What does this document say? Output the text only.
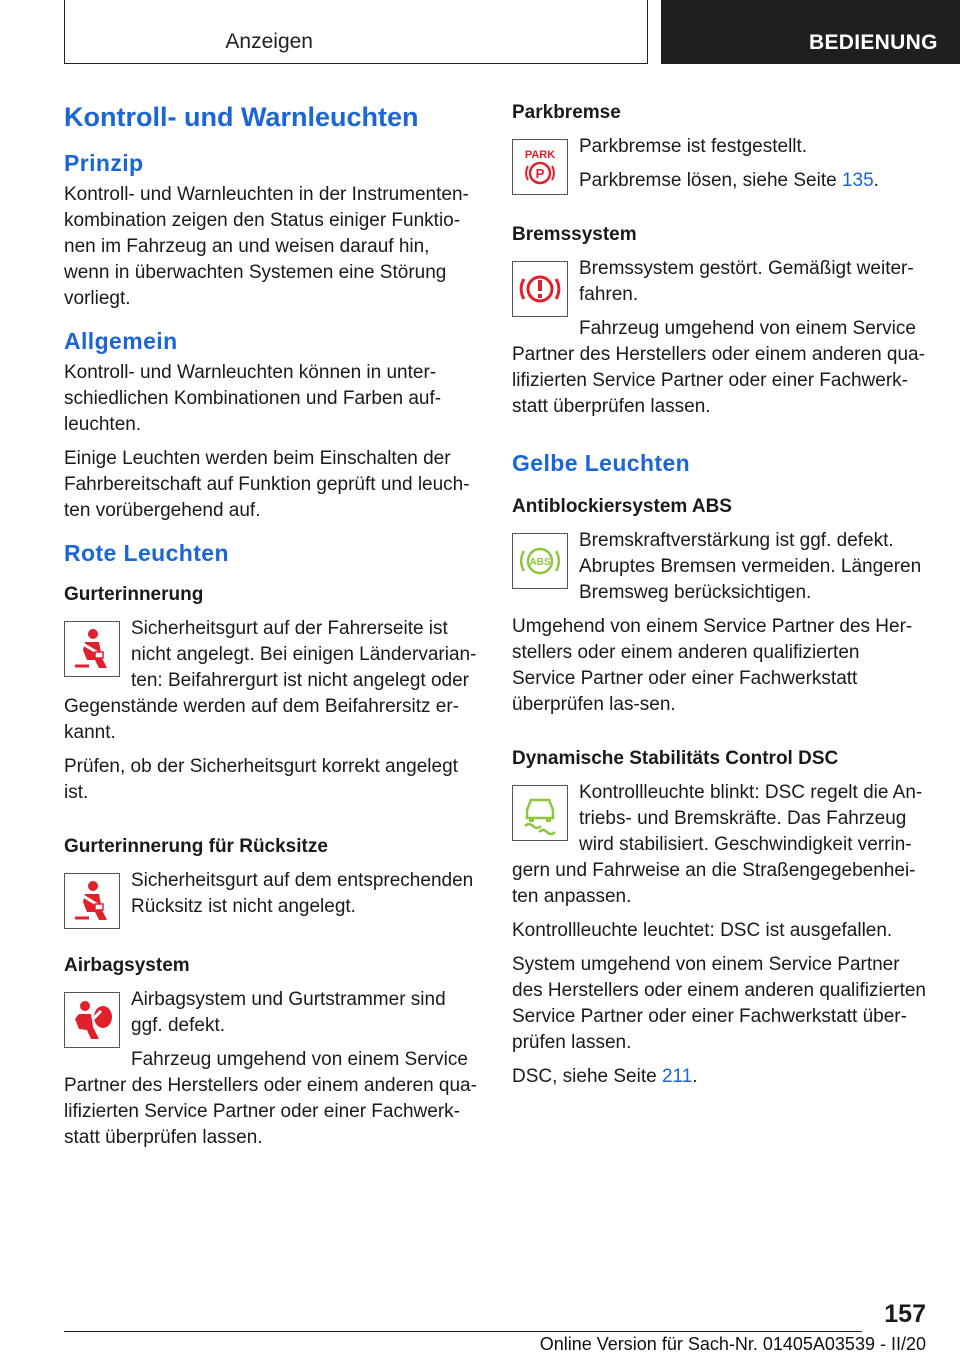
Anzeigen	BEDIENUNG
Kontroll- und Warnleuchten
Prinzip

Kontroll- und Warnleuchten in der Instrumenten-kombination zeigen den Status einiger Funktio-nen im Fahrzeug an und weisen darauf hin, wenn in überwachten Systemen eine Störung vorliegt.

Allgemein

Kontroll- und Warnleuchten können in unter-schiedlichen Kombinationen und Farben auf-leuchten.

Einige Leuchten werden beim Einschalten der Fahrbereitschaft auf Funktion geprüft und leuch-ten vorübergehend auf.

Rote Leuchten
Gurterinnerung

Sicherheitsgurt auf der Fahrerseite ist nicht angelegt. Bei einigen Ländervarian-ten: Beifahrergurt ist nicht angelegt oder Gegenstände werden auf dem Beifahrersitz er-kannt.

Prüfen, ob der Sicherheitsgurt korrekt angelegt ist.

Gurterinnerung für Rücksitze

Sicherheitsgurt auf dem entsprechenden Rücksitz ist nicht angelegt.

Airbagsystem

Airbagsystem und Gurtstrammer sind ggf. defekt.

Fahrzeug umgehend von einem Service Partner des Herstellers oder einem anderen qua-lifizierten Service Partner oder einer Fachwerk-statt überprüfen lassen.

Parkbremse
PARK
P

Parkbremse ist festgestellt.

Parkbremse lösen, siehe Seite 135.

Bremssystem

Bremssystem gestört. Gemäßigt weiter-fahren.

Fahrzeug umgehend von einem Service Partner des Herstellers oder einem anderen qua-lifizierten Service Partner oder einer Fachwerk-statt überprüfen lassen.

Gelbe Leuchten
Antiblockiersystem ABS
ABS

Bremskraftverstärkung ist ggf. defekt. Abruptes Bremsen vermeiden. Längeren Bremsweg berücksichtigen.

Umgehend von einem Service Partner des Her-stellers oder einem anderen qualifizierten Service Partner oder einer Fachwerkstatt überprüfen las-sen.

Dynamische Stabilitäts Control DSC

Kontrollleuchte blinkt: DSC regelt die An-triebs- und Bremskräfte. Das Fahrzeug wird stabilisiert. Geschwindigkeit verrin-gern und Fahrweise an die Straßengegebenhei-ten anpassen.

Kontrollleuchte leuchtet: DSC ist ausgefallen.

System umgehend von einem Service Partner des Herstellers oder einem anderen qualifizierten Service Partner oder einer Fachwerkstatt über-prüfen lassen.

DSC, siehe Seite 211.

157
Online Version für Sach-Nr. 01405A03539 - II/20
